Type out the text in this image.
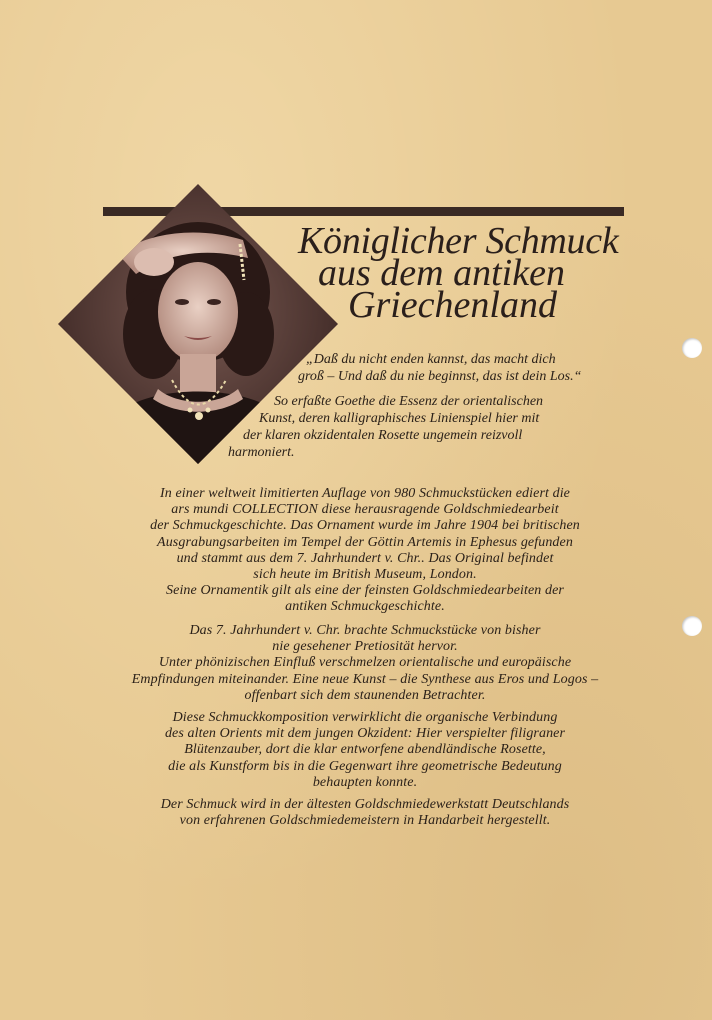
Königlicher Schmuck
aus dem antiken
Griechenland
„Daß du nicht enden kannst, das macht dich
groß – Und daß du nie beginnst, das ist dein Los.“
So erfaßte Goethe die Essenz der orientalischen
Kunst, deren kalligraphisches Linienspiel hier mit
der klaren okzidentalen Rosette ungemein reizvoll
harmoniert.
In einer weltweit limitierten Auflage von 980 Schmuckstücken ediert die
ars mundi COLLECTION diese herausragende Goldschmiedearbeit
der Schmuckgeschichte. Das Ornament wurde im Jahre 1904 bei britischen
Ausgrabungsarbeiten im Tempel der Göttin Artemis in Ephesus gefunden
und stammt aus dem 7. Jahrhundert v. Chr.. Das Original befindet
sich heute im British Museum, London.
Seine Ornamentik gilt als eine der feinsten Goldschmiedearbeiten der
antiken Schmuckgeschichte.
Das 7. Jahrhundert v. Chr. brachte Schmuckstücke von bisher
nie gesehener Pretiosität hervor.
Unter phönizischen Einfluß verschmelzen orientalische und europäische
Empfindungen miteinander. Eine neue Kunst – die Synthese aus Eros und Logos –
offenbart sich dem staunenden Betrachter.
Diese Schmuckkomposition verwirklicht die organische Verbindung
des alten Orients mit dem jungen Okzident: Hier verspielter filigraner
Blütenzauber, dort die klar entworfene abendländische Rosette,
die als Kunstform bis in die Gegenwart ihre geometrische Bedeutung
behaupten konnte.
Der Schmuck wird in der ältesten Goldschmiedewerkstatt Deutschlands
von erfahrenen Goldschmiedemeistern in Handarbeit hergestellt.
